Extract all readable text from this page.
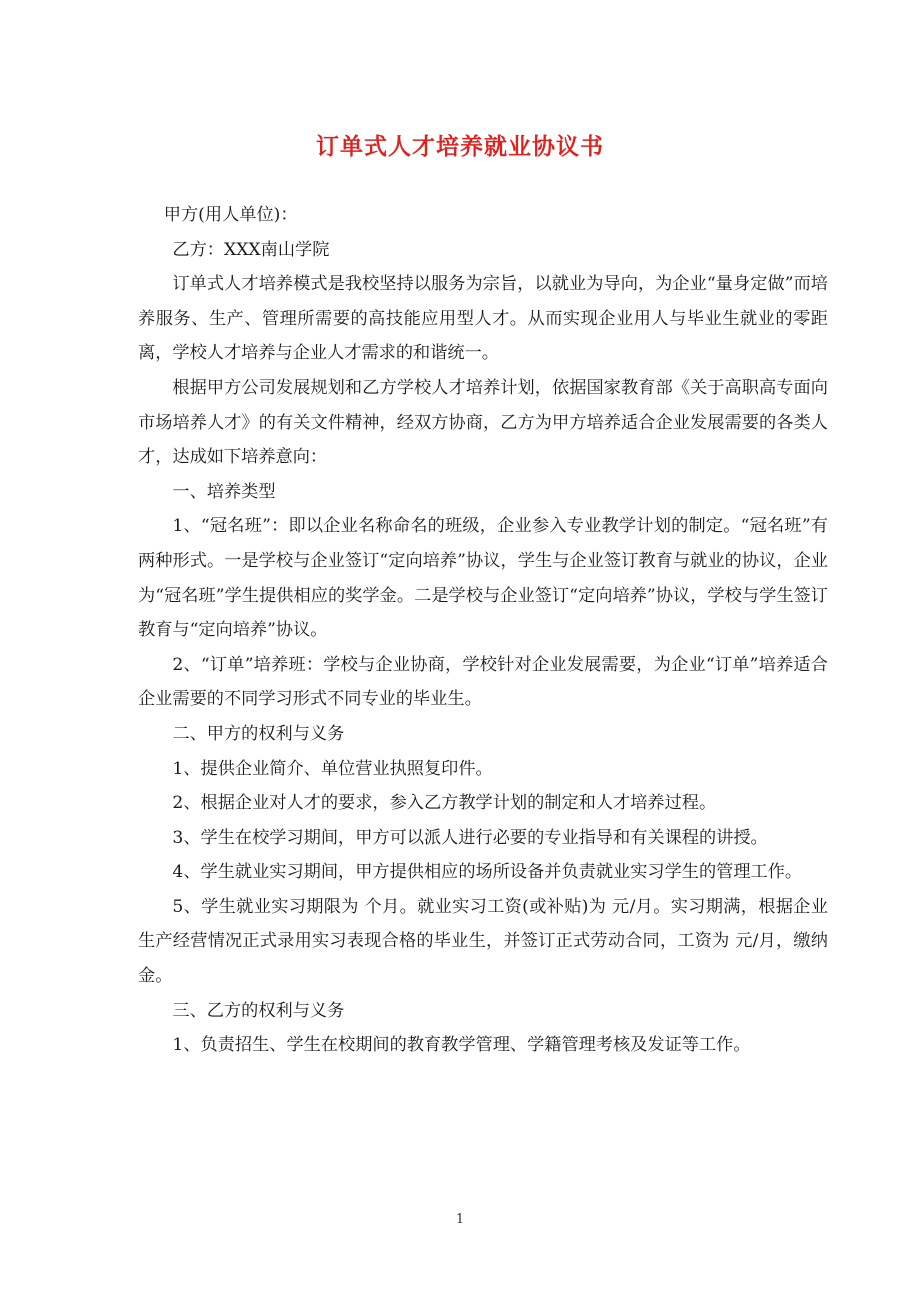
订单式人才培养就业协议书

甲方(用人单位)：

乙方：XXX南山学院

订单式人才培养模式是我校坚持以服务为宗旨，以就业为导向，为企业“量身定做”而培养服务、生产、管理所需要的高技能应用型人才。从而实现企业用人与毕业生就业的零距离，学校人才培养与企业人才需求的和谐统一。

根据甲方公司发展规划和乙方学校人才培养计划，依据国家教育部《关于高职高专面向市场培养人才》的有关文件精神，经双方协商，乙方为甲方培养适合企业发展需要的各类人才，达成如下培养意向：

一、培养类型

1、“冠名班”：即以企业名称命名的班级，企业参入专业教学计划的制定。“冠名班”有两种形式。一是学校与企业签订“定向培养”协议，学生与企业签订教育与就业的协议，企业为“冠名班”学生提供相应的奖学金。二是学校与企业签订“定向培养”协议，学校与学生签订教育与“定向培养”协议。

2、“订单”培养班：学校与企业协商，学校针对企业发展需要，为企业“订单”培养适合企业需要的不同学习形式不同专业的毕业生。

二、甲方的权利与义务

1、提供企业简介、单位营业执照复印件。

2、根据企业对人才的要求，参入乙方教学计划的制定和人才培养过程。

3、学生在校学习期间，甲方可以派人进行必要的专业指导和有关课程的讲授。

4、学生就业实习期间，甲方提供相应的场所设备并负责就业实习学生的管理工作。

5、学生就业实习期限为 个月。就业实习工资(或补贴)为 元/月。实习期满，根据企业生产经营情况正式录用实习表现合格的毕业生，并签订正式劳动合同，工资为 元/月，缴纳 金。

三、乙方的权利与义务

1、负责招生、学生在校期间的教育教学管理、学籍管理考核及发证等工作。

1
